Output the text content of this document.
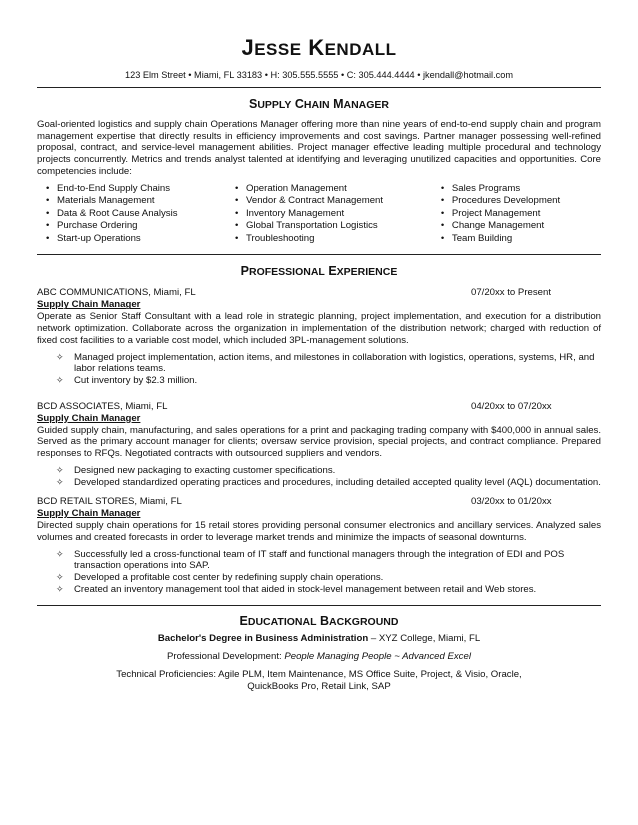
JESSE KENDALL
123 Elm Street • Miami, FL 33183 • H: 305.555.5555 • C: 305.444.4444 • jkendall@hotmail.com
SUPPLY CHAIN MANAGER

Goal-oriented logistics and supply chain Operations Manager offering more than nine years of end-to-end supply chain and program management expertise that directly results in efficiency improvements and cost savings. Partner manager possessing well-refined proposal, contract, and service-level management abilities. Project manager effective leading multiple procedural and technology projects concurrently. Metrics and trends analyst talented at identifying and leveraging unutilized capacities and opportunities. Core competencies include:

• End-to-End Supply Chains
• Materials Management
• Data & Root Cause Analysis
• Purchase Ordering
• Start-up Operations
• Operation Management
• Vendor & Contract Management
• Inventory Management
• Global Transportation Logistics
• Troubleshooting
• Sales Programs
• Procedures Development
• Project Management
• Change Management
• Team Building
PROFESSIONAL EXPERIENCE
ABC COMMUNICATIONS, Miami, FL	07/20xx to Present
Supply Chain Manager

Operate as Senior Staff Consultant with a lead role in strategic planning, project implementation, and execution for a distribution network optimization. Collaborate across the organization in implementation of the distribution network; charged with reduction of fixed cost facilities to a variable cost model, which included 3PL-management solutions.

✧ Managed project implementation, action items, and milestones in collaboration with logistics, operations, systems, HR, and labor relations teams.
✧ Cut inventory by $2.3 million.
BCD ASSOCIATES, Miami, FL	04/20xx to 07/20xx
Supply Chain Manager

Guided supply chain, manufacturing, and sales operations for a print and packaging trading company with $400,000 in annual sales. Served as the primary account manager for clients; oversaw service provision, special projects, and contract compliance. Prepared responses to RFQs. Negotiated contracts with outsourced suppliers and vendors.

✧ Designed new packaging to exacting customer specifications.
✧ Developed standardized operating practices and procedures, including detailed accepted quality level (AQL) documentation.
BCD RETAIL STORES, Miami, FL	03/20xx to 01/20xx
Supply Chain Manager

Directed supply chain operations for 15 retail stores providing personal consumer electronics and ancillary services. Analyzed sales volumes and created forecasts in order to leverage market trends and minimize the impacts of seasonal downturns.

✧ Successfully led a cross-functional team of IT staff and functional managers through the integration of EDI and POS transaction operations into SAP.
✧ Developed a profitable cost center by redefining supply chain operations.
✧ Created an inventory management tool that aided in stock-level management between retail and Web stores.
EDUCATIONAL BACKGROUND
Bachelor's Degree in Business Administration – XYZ College, Miami, FL
Professional Development: People Managing People ~ Advanced Excel
Technical Proficiencies: Agile PLM, Item Maintenance, MS Office Suite, Project, & Visio, Oracle,
QuickBooks Pro, Retail Link, SAP
